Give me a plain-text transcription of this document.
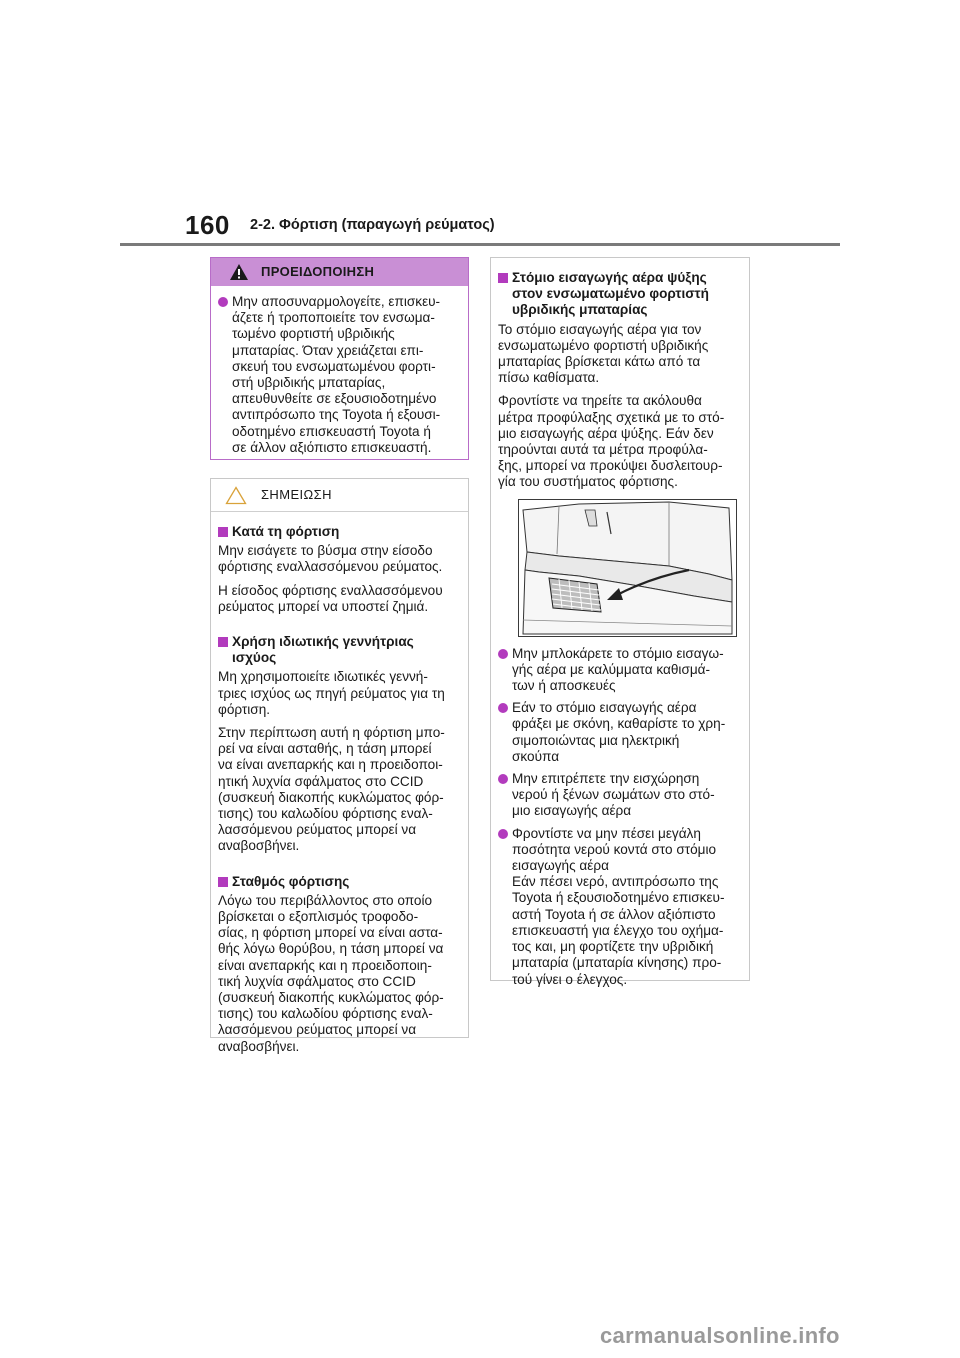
160 2-2. Φόρτιση (παραγωγή ρεύματος)
ΠΡΟΕΙΔΟΠΟΙΗΣΗ
Μην αποσυναρμολογείτε, επισκευ-
άζετε ή τροποποιείτε τον ενσωμα-
τωμένο φορτιστή υβριδικής
μπαταρίας. Όταν χρειάζεται επι-
σκευή του ενσωματωμένου φορτι-
στή υβριδικής μπαταρίας,
απευθυνθείτε σε εξουσιοδοτημένο
αντιπρόσωπο της Toyota ή εξουσι-
οδοτημένο επισκευαστή Toyota ή
σε άλλον αξιόπιστο επισκευαστή.
ΣΗΜΕΙΩΣΗ
Κατά τη φόρτιση

Μην εισάγετε το βύσμα στην είσοδο
φόρτισης εναλλασσόμενου ρεύματος.

Η είσοδος φόρτισης εναλλασσόμενου
ρεύματος μπορεί να υποστεί ζημιά.

Χρήση ιδιωτικής γεννήτριας
ισχύος

Μη χρησιμοποιείτε ιδιωτικές γεννή-
τριες ισχύος ως πηγή ρεύματος για τη
φόρτιση.

Στην περίπτωση αυτή η φόρτιση μπο-
ρεί να είναι ασταθής, η τάση μπορεί
να είναι ανεπαρκής και η προειδοποι-
ητική λυχνία σφάλματος στο CCID
(συσκευή διακοπής κυκλώματος φόρ-
τισης) του καλωδίου φόρτισης εναλ-
λασσόμενου ρεύματος μπορεί να
αναβοσβήνει.

Σταθμός φόρτισης

Λόγω του περιβάλλοντος στο οποίο
βρίσκεται ο εξοπλισμός τροφοδο-
σίας, η φόρτιση μπορεί να είναι αστα-
θής λόγω θορύβου, η τάση μπορεί να
είναι ανεπαρκής και η προειδοποιη-
τική λυχνία σφάλματος στο CCID
(συσκευή διακοπής κυκλώματος φόρ-
τισης) του καλωδίου φόρτισης εναλ-
λασσόμενου ρεύματος μπορεί να
αναβοσβήνει.

Στόμιο εισαγωγής αέρα ψύξης
στον ενσωματωμένο φορτιστή
υβριδικής μπαταρίας

Το στόμιο εισαγωγής αέρα για τον
ενσωματωμένο φορτιστή υβριδικής
μπαταρίας βρίσκεται κάτω από τα
πίσω καθίσματα.

Φροντίστε να τηρείτε τα ακόλουθα
μέτρα προφύλαξης σχετικά με το στό-
μιο εισαγωγής αέρα ψύξης. Εάν δεν
τηρούνται αυτά τα μέτρα προφύλα-
ξης, μπορεί να προκύψει δυσλειτουρ-
γία του συστήματος φόρτισης.

Μην μπλοκάρετε το στόμιο εισαγω-
γής αέρα με καλύμματα καθισμά-
των ή αποσκευές
Εάν το στόμιο εισαγωγής αέρα
φράξει με σκόνη, καθαρίστε το χρη-
σιμοποιώντας μια ηλεκτρική
σκούπα
Μην επιτρέπετε την εισχώρηση
νερού ή ξένων σωμάτων στο στό-
μιο εισαγωγής αέρα
Φροντίστε να μην πέσει μεγάλη
ποσότητα νερού κοντά στο στόμιο
εισαγωγής αέρα
Εάν πέσει νερό, αντιπρόσωπο της
Toyota ή εξουσιοδοτημένο επισκευ-
αστή Toyota ή σε άλλον αξιόπιστο
επισκευαστή για έλεγχο του οχήμα-
τος και, μη φορτίζετε την υβριδική
μπαταρία (μπαταρία κίνησης) προ-
τού γίνει ο έλεγχος.
carmanualsonline.info
